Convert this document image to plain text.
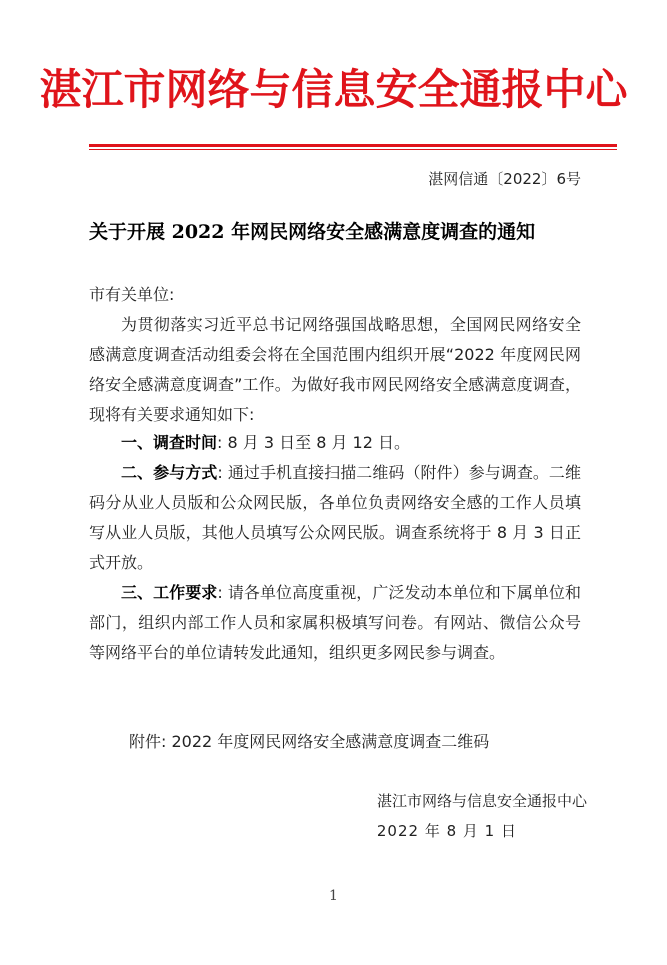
湛江市网络与信息安全通报中心
湛网信通〔2022〕6号
关于开展 2022 年网民网络安全感满意度调查的通知
市有关单位:

为贯彻落实习近平总书记网络强国战略思想，全国网民网络安全感满意度调查活动组委会将在全国范围内组织开展“2022 年度网民网络安全感满意度调查”工作。为做好我市网民网络安全感满意度调查，现将有关要求通知如下:

一、调查时间: 8 月 3 日至 8 月 12 日。

二、参与方式: 通过手机直接扫描二维码（附件）参与调查。二维码分从业人员版和公众网民版，各单位负责网络安全感的工作人员填写从业人员版，其他人员填写公众网民版。调查系统将于 8 月 3 日正式开放。

三、工作要求: 请各单位高度重视，广泛发动本单位和下属单位和部门，组织内部工作人员和家属积极填写问卷。有网站、微信公众号等网络平台的单位请转发此通知，组织更多网民参与调查。

附件: 2022 年度网民网络安全感满意度调查二维码
湛江市网络与信息安全通报中心
2022 年 8 月 1 日
1
